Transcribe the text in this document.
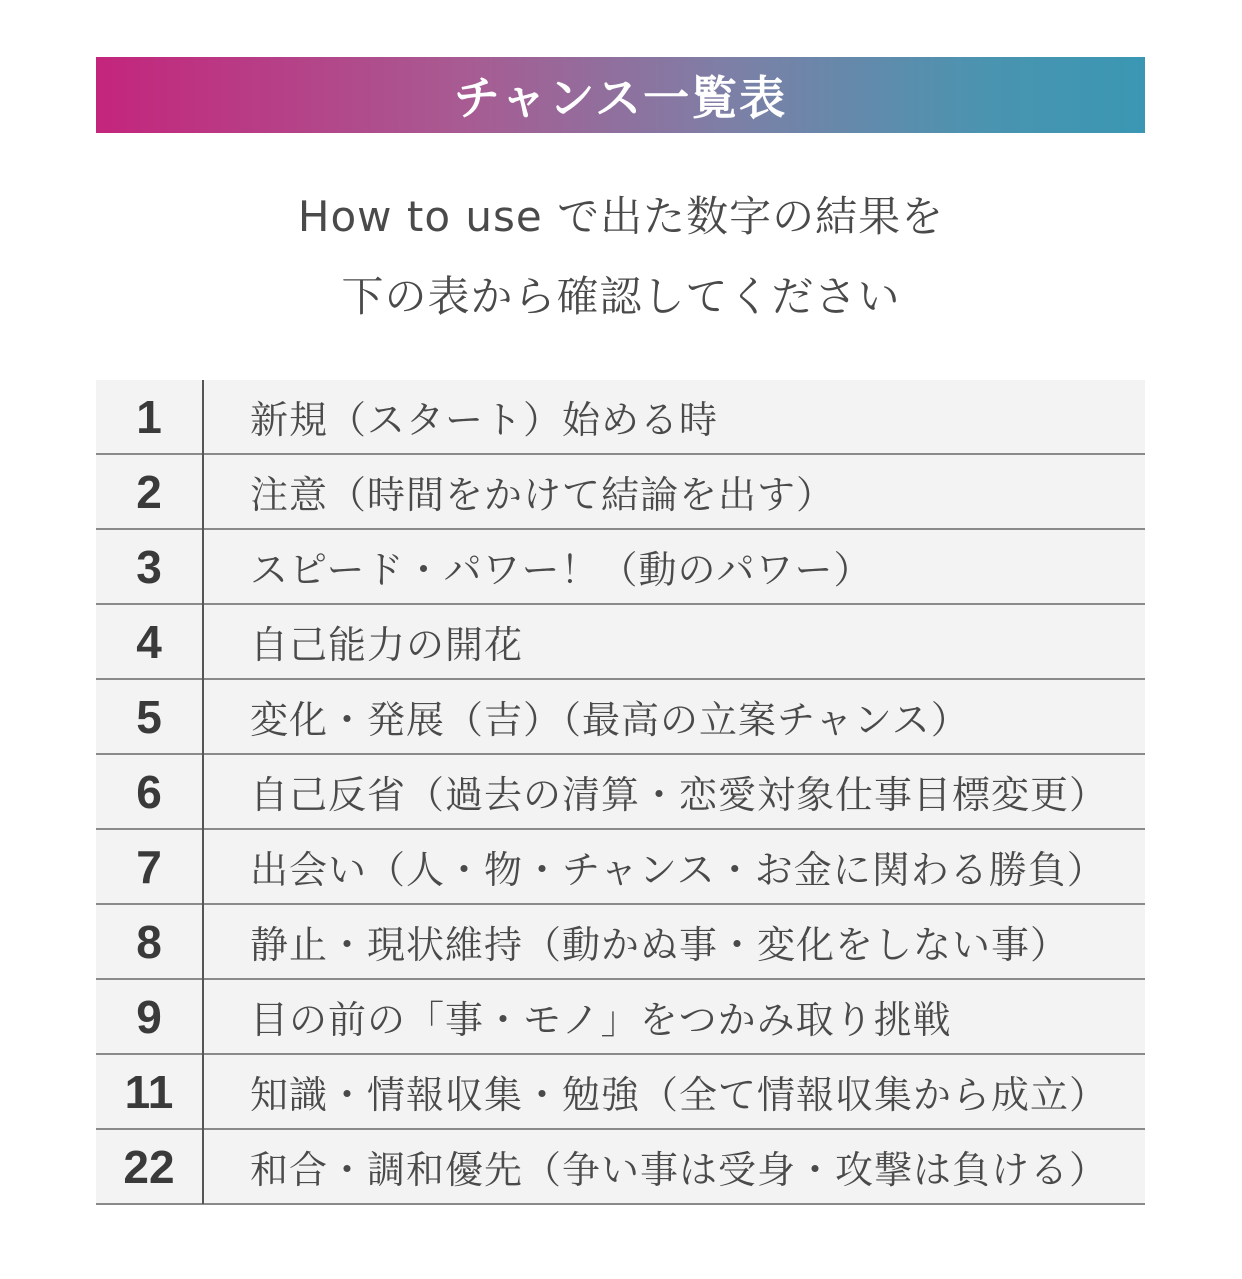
チャンス一覧表
How to use で出た数字の結果を
下の表から確認してください
1	新規（スタート）始める時
2	注意（時間をかけて結論を出す）
3	スピード・パワー！（動のパワー）
4	自己能力の開花
5	変化・発展（吉）（最高の立案チャンス）
6	自己反省（過去の清算・恋愛対象仕事目標変更）
7	出会い（人・物・チャンス・お金に関わる勝負）
8	静止・現状維持（動かぬ事・変化をしない事）
9	目の前の「事・モノ」をつかみ取り挑戦
11	知識・情報収集・勉強（全て情報収集から成立）
22	和合・調和優先（争い事は受身・攻撃は負ける）
